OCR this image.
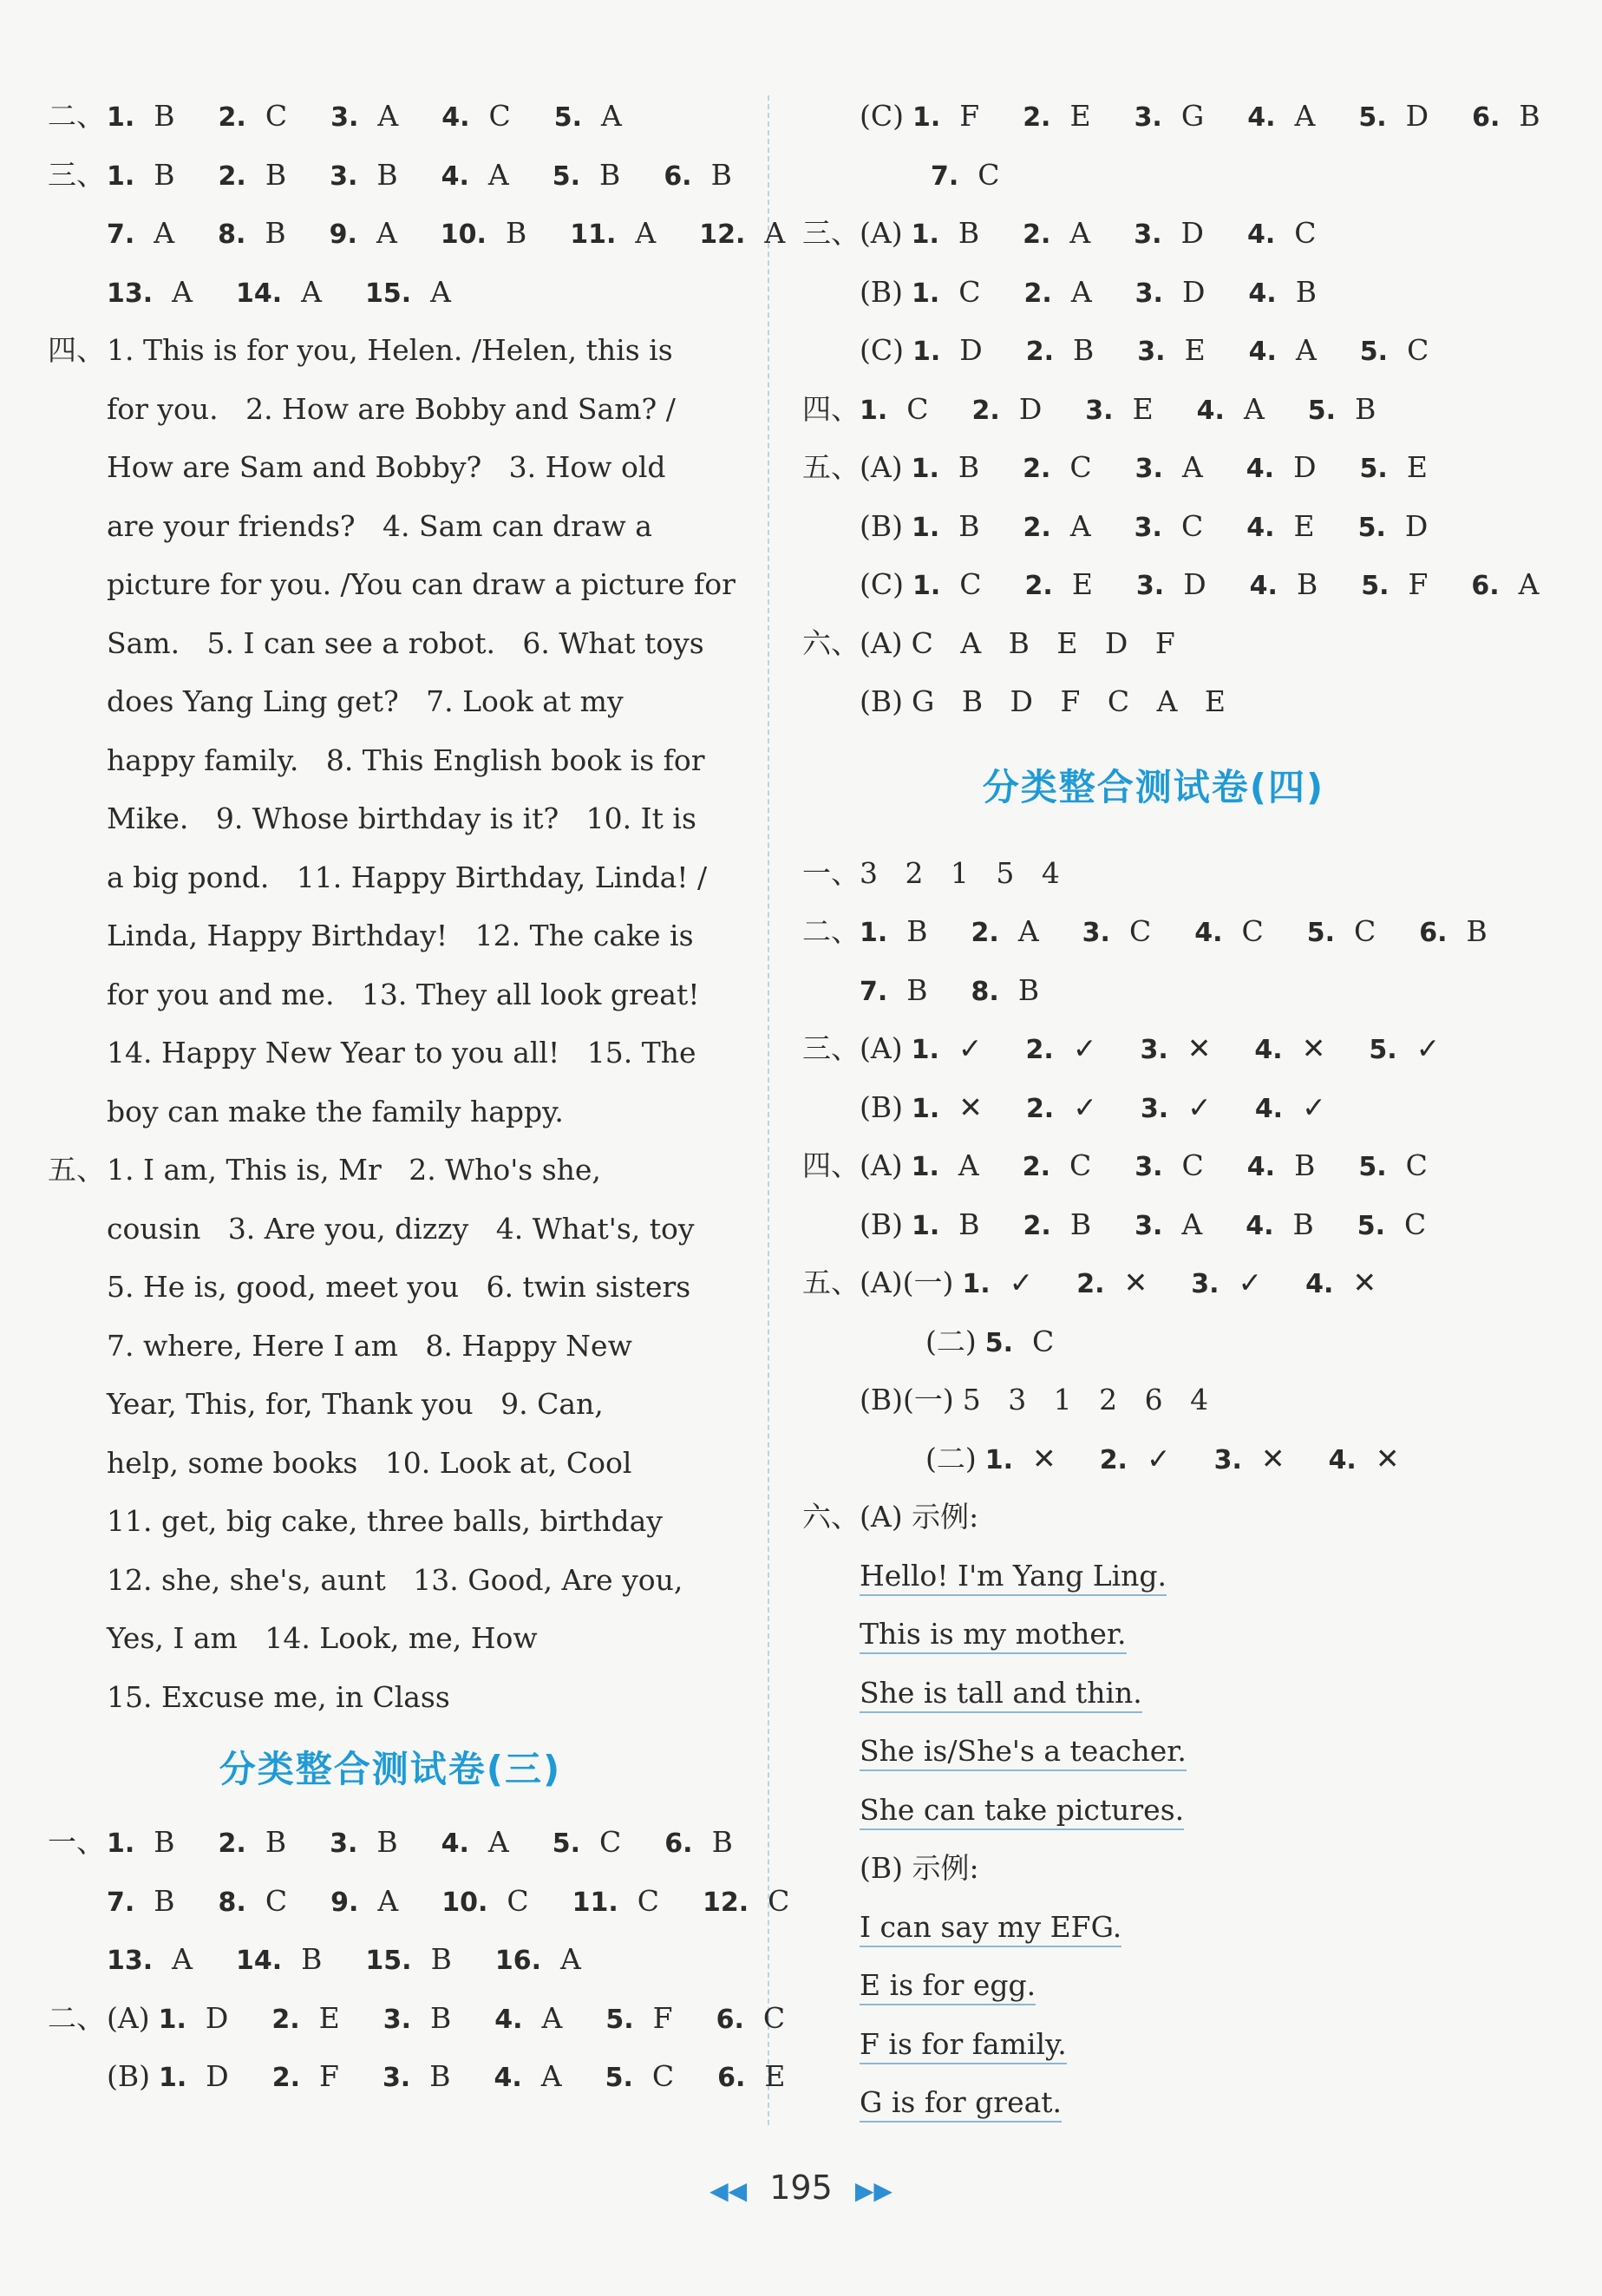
二、1. B 2. C 3. A 4. C 5. A
三、1. B 2. B 3. B 4. A 5. B 6. B
7. A 8. B 9. A 10. B 11. A 12. A
13. A 14. A 15. A
四、1. This is for you, Helen. /Helen, this is
for you.   2. How are Bobby and Sam? /
How are Sam and Bobby?   3. How old
are your friends?   4. Sam can draw a
picture for you. /You can draw a picture for
Sam.   5. I can see a robot.   6. What toys
does Yang Ling get?   7. Look at my
happy family.   8. This English book is for
Mike.   9. Whose birthday is it?   10. It is
a big pond.   11. Happy Birthday, Linda! /
Linda, Happy Birthday!   12. The cake is
for you and me.   13. They all look great!
14. Happy New Year to you all!   15. The
boy can make the family happy.
五、1. I am, This is, Mr   2. Who's she,
cousin   3. Are you, dizzy   4. What's, toy
5. He is, good, meet you   6. twin sisters
7. where, Here I am   8. Happy New
Year, This, for, Thank you   9. Can,
help, some books   10. Look at, Cool
11. get, big cake, three balls, birthday
12. she, she's, aunt   13. Good, Are you,
Yes, I am   14. Look, me, How
15. Excuse me, in Class
分类整合测试卷(三)
一、1. B 2. B 3. B 4. A 5. C 6. B
7. B 8. C 9. A 10. C 11. C 12. C
13. A 14. B 15. B 16. A
二、(A) 1. D 2. E 3. B 4. A 5. F 6. C
(B) 1. D 2. F 3. B 4. A 5. C 6. E
(C) 1. F 2. E 3. G 4. A 5. D 6. B
7. C
三、(A) 1. B 2. A 3. D 4. C
(B) 1. C 2. A 3. D 4. B
(C) 1. D 2. B 3. E 4. A 5. C
四、1. C 2. D 3. E 4. A 5. B
五、(A) 1. B 2. C 3. A 4. D 5. E
(B) 1. B 2. A 3. C 4. E 5. D
(C) 1. C 2. E 3. D 4. B 5. F 6. A
六、(A) C   A   B   E   D   F
(B) G   B   D   F   C   A   E
分类整合测试卷(四)
一、3   2   1   5   4
二、1. B 2. A 3. C 4. C 5. C 6. B
7. B 8. B
三、(A) 1. ✓ 2. ✓ 3. ✕ 4. ✕ 5. ✓
(B) 1. ✕ 2. ✓ 3. ✓ 4. ✓
四、(A) 1. A 2. C 3. C 4. B 5. C
(B) 1. B 2. B 3. A 4. B 5. C
五、(A)(一) 1. ✓ 2. ✕ 3. ✓ 4. ✕
(二) 5. C
(B)(一) 5   3   1   2   6   4
(二) 1. ✕ 2. ✓ 3. ✕ 4. ✕
六、(A) 示例:
Hello! I'm Yang Ling.
This is my mother.
She is tall and thin.
She is/She's a teacher.
She can take pictures.
(B) 示例:
I can say my EFG.
E is for egg.
F is for family.
G is for great.
◀◀ 195 ▶▶
